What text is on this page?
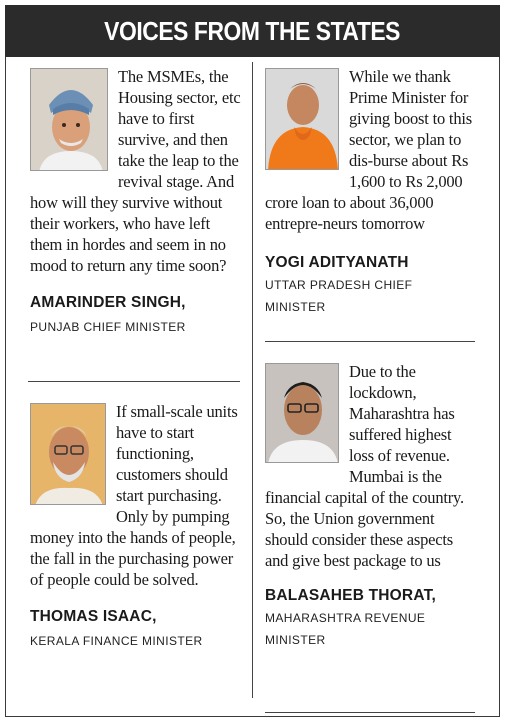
VOICES FROM THE STATES

The MSMEs, the Housing sector, etc have to first survive, and then take the leap to the revival stage. And how will they survive without their workers, who have left them in hordes and seem in no mood to return any time soon?

AMARINDER SINGH,

PUNJAB CHIEF MINISTER

If small-scale units have to start functioning, customers should start purchasing. Only by pumping money into the hands of people, the fall in the purchasing power of people could be solved.

THOMAS ISAAC,

KERALA FINANCE MINISTER

While we thank Prime Minister for giving boost to this sector, we plan to dis-burse about Rs 1,600 to Rs 2,000 crore loan to about 36,000 entrepre-neurs tomorrow

YOGI ADITYANATH

UTTAR PRADESH CHIEF MINISTER

Due to the lockdown, Maharashtra has suffered highest loss of revenue. Mumbai is the financial capital of the country. So, the Union government should consider these aspects and give best package to us

BALASAHEB THORAT,

MAHARASHTRA REVENUE MINISTER
